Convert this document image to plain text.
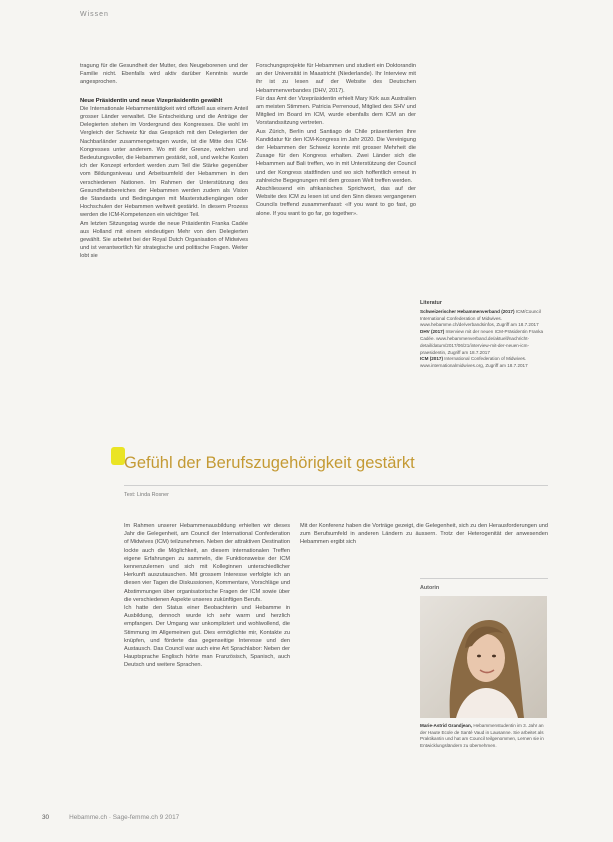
Wissen

tragung für die Gesundheit der Mutter, des Neugeborenen und der Familie nicht. Ebenfalls wird aktiv darüber Kenntnis wurde angesprochen.

Neue Präsidentin und neue Vizepräsidentin gewählt

Die Internationale Hebammentätigkeit wird offiziell aus einem Anteil grosser Länder verwaltet. Die Entscheidung und die Anträge der Delegierten stehen im Vordergrund des Kongresses. Die wohl im Vergleich der Schweiz für das Gespräch mit den Delegierten der Nachbarländer zusammengetragen wurde, ist die Mitte des ICM-Kongresses unter anderem. Wo mit der Grenze, welchen und Bedeutungsvoller, die Hebammen gestärkt, soll, und welche Kosten ich der Konzept erfordert werden zum Teil die Stärke gegenüber vom Bildungsniveau und Arbeitsumfeld der Hebammen in den verschiedenen Nationen. Im Rahmen der Unterstützung des Gesundheitsbereiches der Hebammen werden zudem als Vision die Standards und Bedingungen mit Masterstudiengängen oder Hochschulen der Hebammen weltweit gestärkt. In diesem Prozess werden die ICM-Kompetenzen ein wichtiger Teil.

Am letzten Sitzungstag wurde die neue Präsidentin Franka Cadée aus Holland mit einem eindeutigen Mehr von den Delegierten gewählt. Sie arbeitet bei der Royal Dutch Organisation of Midwives und ist verantwortlich für strategische und politische Fragen. Weiter lobt sie

Forschungsprojekte für Hebammen und studiert ein Doktorandin an der Universität in Maastricht (Niederlande). Ihr Interview mit ihr ist zu lesen auf der Website des Deutschen Hebammenverbandes (DHV, 2017).

Für das Amt der Vizepräsidentin erhielt Mary Kirk aus Australien am meisten Stimmen. Patricia Perrenoud, Mitglied des SHV und Mitglied im Board im ICM, wurde ebenfalls dem ICM an der Vorstandssitzung vertreten.

Aus Zürich, Berlin und Santiago de Chile präsentierten ihre Kandidatur für den ICM-Kongress im Jahr 2020. Die Vereinigung der Hebammen der Schweiz konnte mit grosser Mehrheit die Zusage für den Kongress erhalten. Zwei Länder sich die Hebammen auf Bali treffen, wo in mit Unterstützung der Council und der Kongress stattfinden und wo sich hoffentlich erneut in zahlreiche Begegnungen mit dem grossen Welt treffen werden.

Abschliessend ein afrikanisches Sprichwort, das auf der Website des ICM zu lesen ist und den Sinn dieses vergangenen Councils treffend zusammenfasst: «If you want to go fast, go alone. If you want to go far, go together».

Literatur
Schweizerischer Hebammenverband (2017) ICM/Council International Confederation of Midwives. www.hebamme.ch/de/verbandsinfos, Zugriff am 18.7.2017
DHV (2017) Interview mit der neuen ICM-Präsidentin Franka Cadée. www.hebammenverband.de/aktuell/nachricht-detail/datum/2017/06/21/interview-mit-der-neuen-icm-praesidentin, Zugriff am 18.7.2017
ICM (2017) International Confederation of Midwives. www.internationalmidwives.org, Zugriff am 18.7.2017
Gefühl der Berufszugehörigkeit gestärkt
Text: Linda Rosner

Im Rahmen unserer Hebammenausbildung erhielten wir dieses Jahr die Gelegenheit, am Council der International Confederation of Midwives (ICM) teilzunehmen. Neben der attraktiven Destination lockte auch die Möglichkeit, an diesem internationalen Treffen eigene Erfahrungen zu sammeln, die Funktionsweise der ICM kennenzulernen und sich mit Kolleginnen unterschiedlicher Herkunft auszutauschen. Mit grossem Interesse verfolgte ich an diesen vier Tagen die Diskussionen, Kommentare, Vorschläge und Abstimmungen über organisatorische Fragen der ICM sowie über die verschiedenen Aspekte unseres zukünftigen Berufs.

Ich hatte den Status einer Beobachterin und Hebamme in Ausbildung, dennoch wurde ich sehr warm und herzlich empfangen. Der Umgang war unkompliziert und wohlwollend, die Stimmung im Allgemeinen gut. Dies ermöglichte mir, Kontakte zu knüpfen, und förderte das gegenseitige Interesse und den Austausch. Das Council war auch eine Art Sprachlabor: Neben der Hauptsprache Englisch hörte man Französisch, Spanisch, auch Deutsch und weitere Sprachen.

Mit der Konferenz haben die Vorträge gezeigt, die Gelegenheit, sich zu den Herausforderungen und zum Berufsumfeld in anderen Ländern zu äussern. Trotz der Heterogenität der anwesenden Hebammen ergibt sich

Autorin
Marie-Astrid Grandjean, Hebammenstudentin im 3. Jahr an der Haute Ecole de Santé Vaud in Lausanne. Sie arbeitet als Praktikantin und hat am Council teilgenommen, Lernen sie in Entwicklungsländern zu übernehmen.
30	Hebamme.ch · Sage-femme.ch 9 2017
